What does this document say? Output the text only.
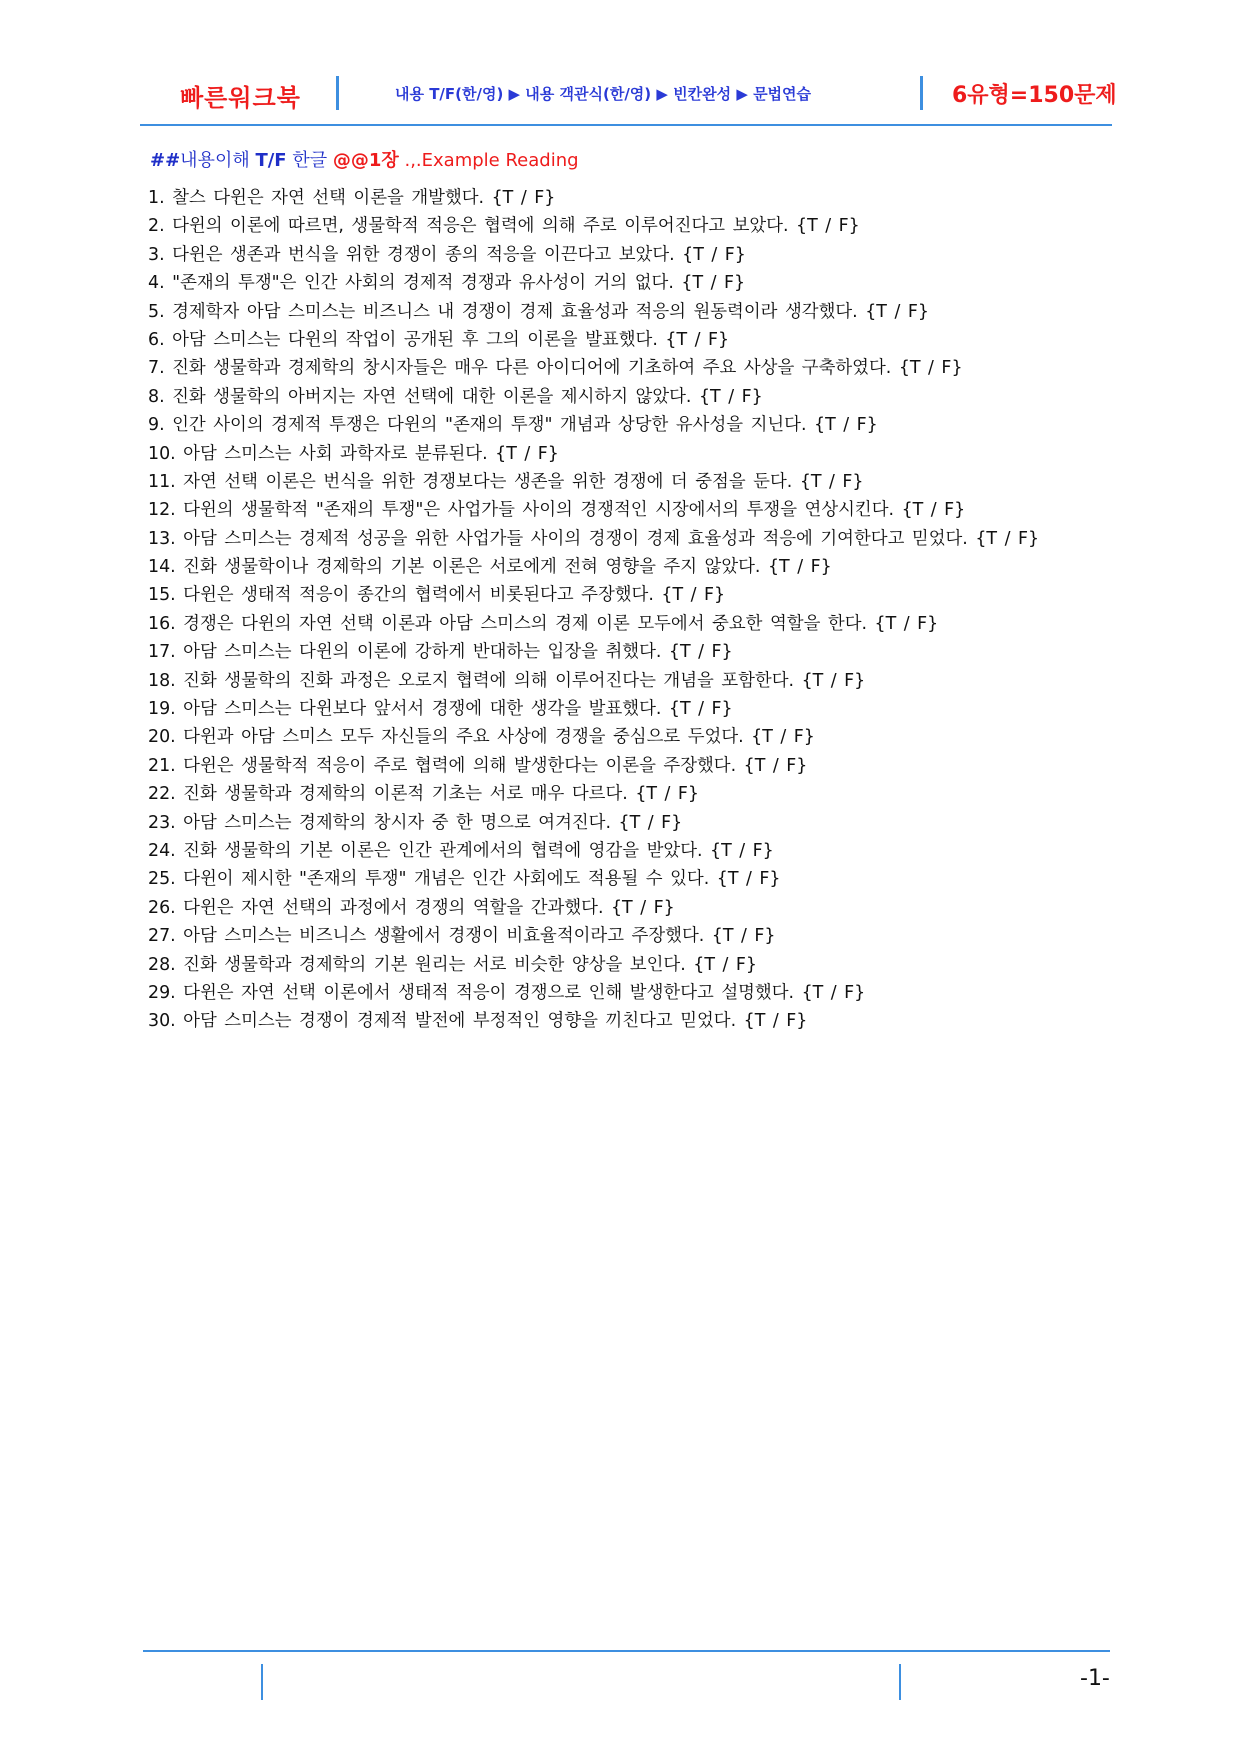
빠른워크북	내용 T/F(한/영) ▶ 내용 객관식(한/영) ▶ 빈칸완성 ▶ 문법연습	6유형=150문제
##내용이해 T/F 한글 @@1장 .,.Example Reading
1. 찰스 다윈은 자연 선택 이론을 개발했다. {T / F}
2. 다윈의 이론에 따르면, 생물학적 적응은 협력에 의해 주로 이루어진다고 보았다. {T / F}
3. 다윈은 생존과 번식을 위한 경쟁이 종의 적응을 이끈다고 보았다. {T / F}
4. "존재의 투쟁"은 인간 사회의 경제적 경쟁과 유사성이 거의 없다. {T / F}
5. 경제학자 아담 스미스는 비즈니스 내 경쟁이 경제 효율성과 적응의 원동력이라 생각했다. {T / F}
6. 아담 스미스는 다윈의 작업이 공개된 후 그의 이론을 발표했다. {T / F}
7. 진화 생물학과 경제학의 창시자들은 매우 다른 아이디어에 기초하여 주요 사상을 구축하였다. {T / F}
8. 진화 생물학의 아버지는 자연 선택에 대한 이론을 제시하지 않았다. {T / F}
9. 인간 사이의 경제적 투쟁은 다윈의 "존재의 투쟁" 개념과 상당한 유사성을 지닌다. {T / F}
10. 아담 스미스는 사회 과학자로 분류된다. {T / F}
11. 자연 선택 이론은 번식을 위한 경쟁보다는 생존을 위한 경쟁에 더 중점을 둔다. {T / F}
12. 다윈의 생물학적 "존재의 투쟁"은 사업가들 사이의 경쟁적인 시장에서의 투쟁을 연상시킨다. {T / F}
13. 아담 스미스는 경제적 성공을 위한 사업가들 사이의 경쟁이 경제 효율성과 적응에 기여한다고 믿었다. {T / F}
14. 진화 생물학이나 경제학의 기본 이론은 서로에게 전혀 영향을 주지 않았다. {T / F}
15. 다윈은 생태적 적응이 종간의 협력에서 비롯된다고 주장했다. {T / F}
16. 경쟁은 다윈의 자연 선택 이론과 아담 스미스의 경제 이론 모두에서 중요한 역할을 한다. {T / F}
17. 아담 스미스는 다윈의 이론에 강하게 반대하는 입장을 취했다. {T / F}
18. 진화 생물학의 진화 과정은 오로지 협력에 의해 이루어진다는 개념을 포함한다. {T / F}
19. 아담 스미스는 다윈보다 앞서서 경쟁에 대한 생각을 발표했다. {T / F}
20. 다윈과 아담 스미스 모두 자신들의 주요 사상에 경쟁을 중심으로 두었다. {T / F}
21. 다윈은 생물학적 적응이 주로 협력에 의해 발생한다는 이론을 주장했다. {T / F}
22. 진화 생물학과 경제학의 이론적 기초는 서로 매우 다르다. {T / F}
23. 아담 스미스는 경제학의 창시자 중 한 명으로 여겨진다. {T / F}
24. 진화 생물학의 기본 이론은 인간 관계에서의 협력에 영감을 받았다. {T / F}
25. 다윈이 제시한 "존재의 투쟁" 개념은 인간 사회에도 적용될 수 있다. {T / F}
26. 다윈은 자연 선택의 과정에서 경쟁의 역할을 간과했다. {T / F}
27. 아담 스미스는 비즈니스 생활에서 경쟁이 비효율적이라고 주장했다. {T / F}
28. 진화 생물학과 경제학의 기본 원리는 서로 비슷한 양상을 보인다. {T / F}
29. 다윈은 자연 선택 이론에서 생태적 적응이 경쟁으로 인해 발생한다고 설명했다. {T / F}
30. 아담 스미스는 경쟁이 경제적 발전에 부정적인 영향을 끼친다고 믿었다. {T / F}
-1-
